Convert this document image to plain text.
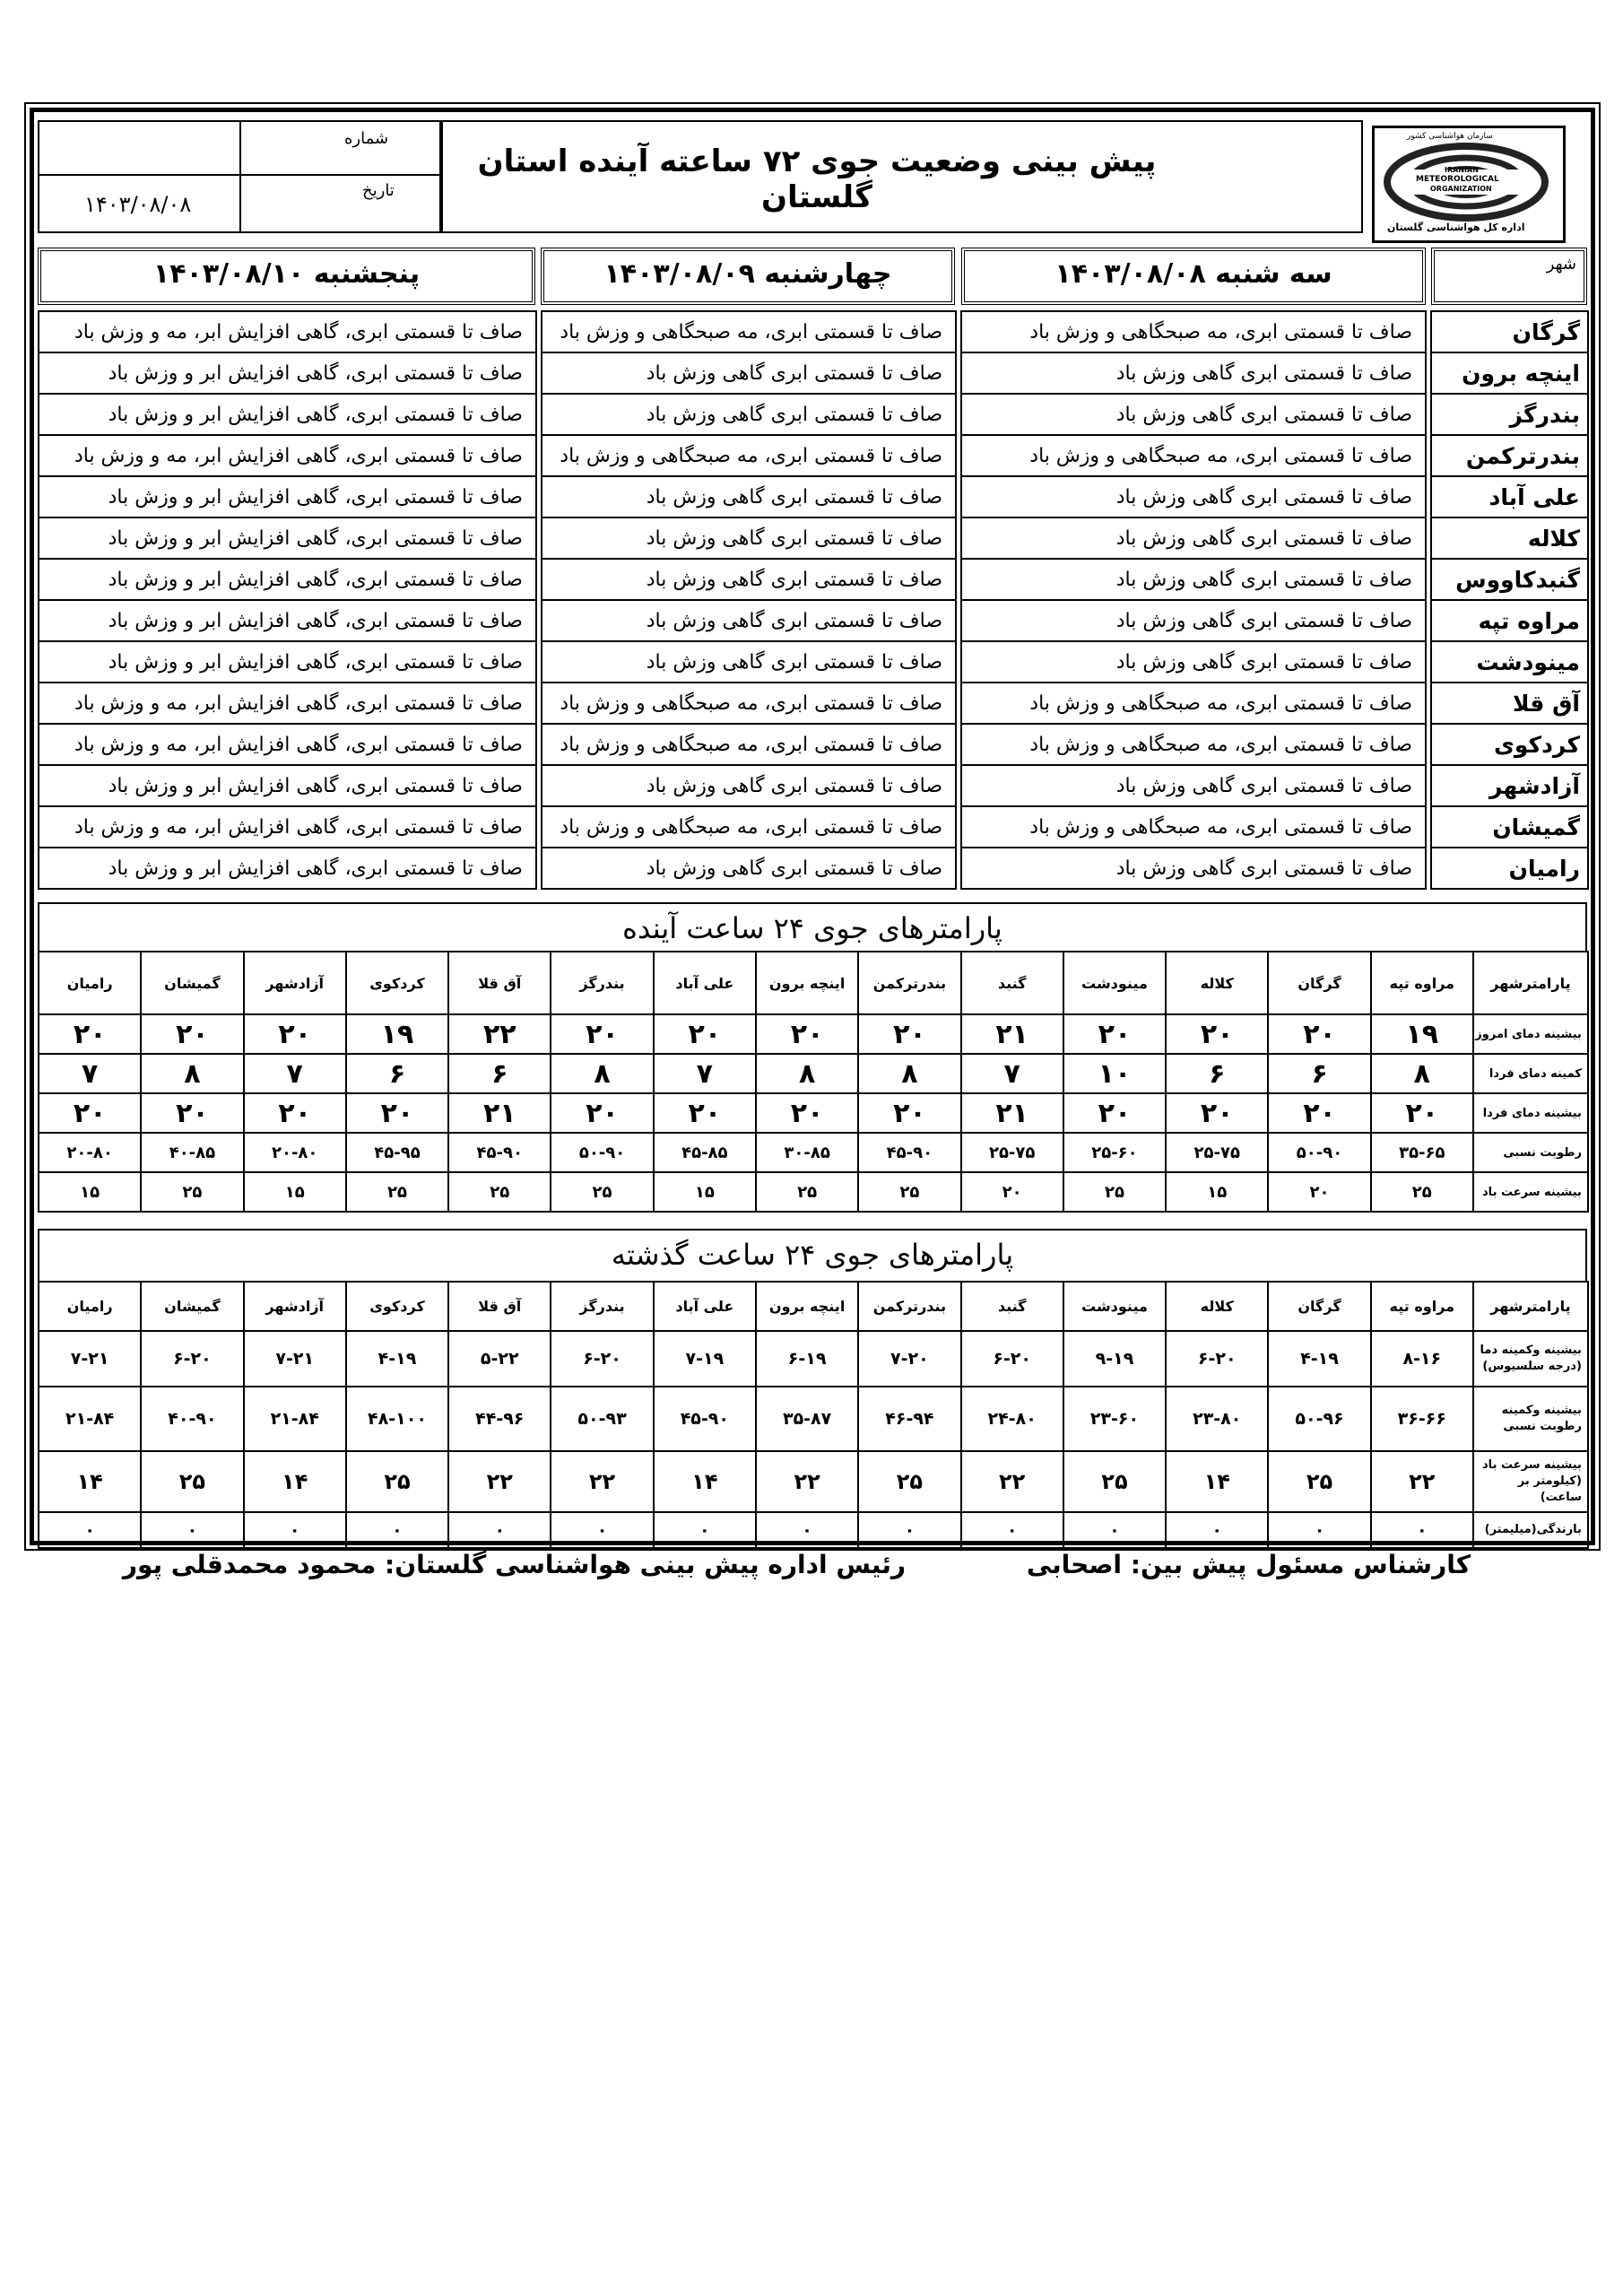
شماره
تاریخ
۱۴۰۳/۰۸/۰۸
پیش بینی وضعیت جوی ۷۲ ساعته آینده استان گلستان
سازمان هواشناسی کشور
IRANIAN
METEOROLOGICAL
ORGANIZATION
اداره کل هواشناسی گلستان
پنجشنبه ۱۴۰۳/۰۸/۱۰	چهارشنبه ۱۴۰۳/۰۸/۰۹	سه شنبه ۱۴۰۳/۰۸/۰۸	شهر
صاف تا قسمتی ابری، گاهی افزایش ابر، مه و وزش باد		صاف تا قسمتی ابری، مه صبحگاهی و وزش باد		صاف تا قسمتی ابری، مه صبحگاهی و وزش باد		گرگان
صاف تا قسمتی ابری، گاهی افزایش ابر و وزش باد		صاف تا قسمتی ابری گاهی وزش باد		صاف تا قسمتی ابری گاهی وزش باد		اینچه برون
صاف تا قسمتی ابری، گاهی افزایش ابر و وزش باد		صاف تا قسمتی ابری گاهی وزش باد		صاف تا قسمتی ابری گاهی وزش باد		بندرگز
صاف تا قسمتی ابری، گاهی افزایش ابر، مه و وزش باد		صاف تا قسمتی ابری، مه صبحگاهی و وزش باد		صاف تا قسمتی ابری، مه صبحگاهی و وزش باد		بندرترکمن
صاف تا قسمتی ابری، گاهی افزایش ابر و وزش باد		صاف تا قسمتی ابری گاهی وزش باد		صاف تا قسمتی ابری گاهی وزش باد		علی آباد
صاف تا قسمتی ابری، گاهی افزایش ابر و وزش باد		صاف تا قسمتی ابری گاهی وزش باد		صاف تا قسمتی ابری گاهی وزش باد		کلاله
صاف تا قسمتی ابری، گاهی افزایش ابر و وزش باد		صاف تا قسمتی ابری گاهی وزش باد		صاف تا قسمتی ابری گاهی وزش باد		گنبدکاووس
صاف تا قسمتی ابری، گاهی افزایش ابر و وزش باد		صاف تا قسمتی ابری گاهی وزش باد		صاف تا قسمتی ابری گاهی وزش باد		مراوه تپه
صاف تا قسمتی ابری، گاهی افزایش ابر و وزش باد		صاف تا قسمتی ابری گاهی وزش باد		صاف تا قسمتی ابری گاهی وزش باد		مینودشت
صاف تا قسمتی ابری، گاهی افزایش ابر، مه و وزش باد		صاف تا قسمتی ابری، مه صبحگاهی و وزش باد		صاف تا قسمتی ابری، مه صبحگاهی و وزش باد		آق قلا
صاف تا قسمتی ابری، گاهی افزایش ابر، مه و وزش باد		صاف تا قسمتی ابری، مه صبحگاهی و وزش باد		صاف تا قسمتی ابری، مه صبحگاهی و وزش باد		کردکوی
صاف تا قسمتی ابری، گاهی افزایش ابر و وزش باد		صاف تا قسمتی ابری گاهی وزش باد		صاف تا قسمتی ابری گاهی وزش باد		آزادشهر
صاف تا قسمتی ابری، گاهی افزایش ابر، مه و وزش باد		صاف تا قسمتی ابری، مه صبحگاهی و وزش باد		صاف تا قسمتی ابری، مه صبحگاهی و وزش باد		گمیشان
صاف تا قسمتی ابری، گاهی افزایش ابر و وزش باد		صاف تا قسمتی ابری گاهی وزش باد		صاف تا قسمتی ابری گاهی وزش باد		رامیان
پارامترهای جوی ۲۴ ساعت آینده
پارامترشهر	مراوه تپه	گرگان	کلاله	مینودشت	گنبد	بندرترکمن	اینچه برون	علی آباد	بندرگز	آق قلا	کردکوی	آزادشهر	گمیشان	رامیان
بیشینه دمای امروز	۱۹	۲۰	۲۰	۲۰	۲۱	۲۰	۲۰	۲۰	۲۰	۲۲	۱۹	۲۰	۲۰	۲۰
کمینه دمای فردا	۸	۶	۶	۱۰	۷	۸	۸	۷	۸	۶	۶	۷	۸	۷
بیشینه دمای فردا	۲۰	۲۰	۲۰	۲۰	۲۱	۲۰	۲۰	۲۰	۲۰	۲۱	۲۰	۲۰	۲۰	۲۰
رطوبت نسبی	۳۵-۶۵	۵۰-۹۰	۲۵-۷۵	۲۵-۶۰	۲۵-۷۵	۴۵-۹۰	۳۰-۸۵	۴۵-۸۵	۵۰-۹۰	۴۵-۹۰	۴۵-۹۵	۲۰-۸۰	۴۰-۸۵	۲۰-۸۰
بیشینه سرعت باد	۲۵	۲۰	۱۵	۲۵	۲۰	۲۵	۲۵	۱۵	۲۵	۲۵	۲۵	۱۵	۲۵	۱۵
پارامترهای جوی ۲۴ ساعت گذشته
پارامترشهر	مراوه تپه	گرگان	کلاله	مینودشت	گنبد	بندرترکمن	اینچه برون	علی آباد	بندرگز	آق قلا	کردکوی	آزادشهر	گمیشان	رامیان
بیشینه وکمینه دما (درجه سلسیوس)	۸-۱۶	۴-۱۹	۶-۲۰	۹-۱۹	۶-۲۰	۷-۲۰	۶-۱۹	۷-۱۹	۶-۲۰	۵-۲۲	۴-۱۹	۷-۲۱	۶-۲۰	۷-۲۱
بیشینه وکمینه رطوبت نسبی	۳۶-۶۶	۵۰-۹۶	۲۳-۸۰	۲۳-۶۰	۲۴-۸۰	۴۶-۹۴	۳۵-۸۷	۴۵-۹۰	۵۰-۹۳	۴۴-۹۶	۴۸-۱۰۰	۲۱-۸۴	۴۰-۹۰	۲۱-۸۴
بیشینه سرعت باد (کیلومتر بر ساعت)	۲۲	۲۵	۱۴	۲۵	۲۲	۲۵	۲۲	۱۴	۲۲	۲۲	۲۵	۱۴	۲۵	۱۴
بارندگی(میلیمتر)	۰	۰	۰	۰	۰	۰	۰	۰	۰	۰	۰	۰	۰	۰
کارشناس مسئول پیش بین: اصحابی
رئیس اداره پیش بینی هواشناسی گلستان: محمود محمدقلی پور
